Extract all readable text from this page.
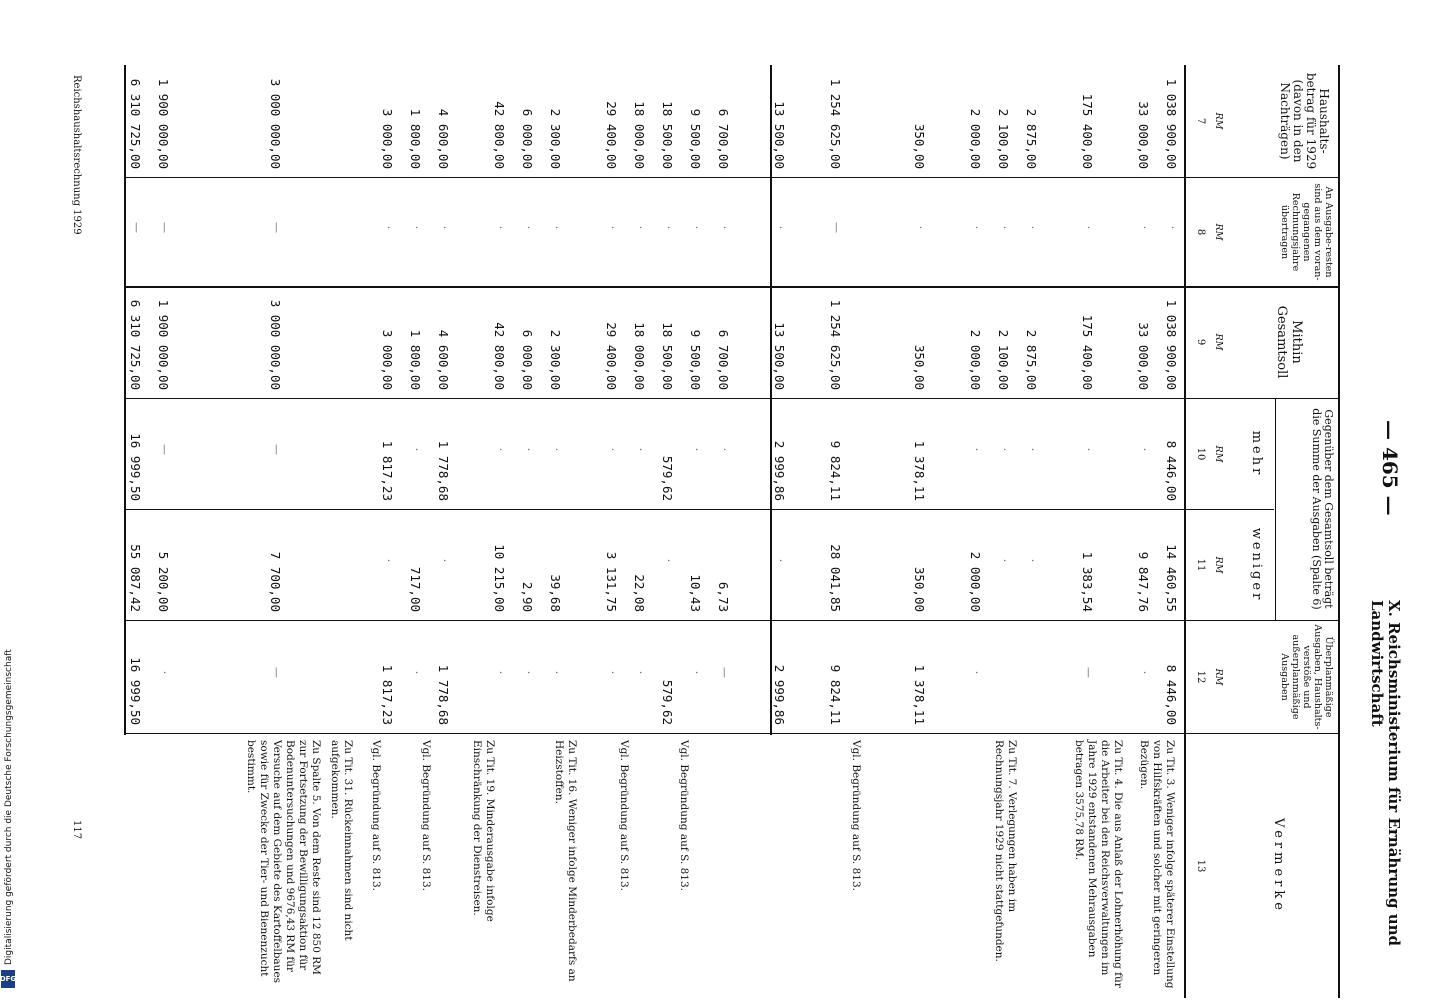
— 465 —
X. Reichsministerium für Ernährung und Landwirtschaft
Haushalts-betrag für 1929 (davon in den Nachträgen)
An Ausgabe-resten sind aus dem voran-gegangenen Rechnungsjahre übertragen
Mithin Gesamtsoll
Gegenüber dem Gesamtsoll beträgt die Summe der Ausgaben (Spalte 6)
mehr
weniger
Überplanmäßige Ausgaben, Haushalts-verstöße und außerplanmäßige Ausgaben
Vermerke
RM
RM
RM
RM
RM
RM
7
8
9
10
11
12
13
1 038 900,00
·
1 038 900,00
8 446,00
14 460,55
8 446,00
33 000,00
·
33 000,00
·
9 847,76
·
175 400,00
·
175 400,00
·
1 383,54
—
2 875,00
·
2 875,00
·
·
2 100,00
·
2 100,00
·
·
2 000,00
·
2 000,00
·
2 000,00
·
350,00
·
350,00
1 378,11
350,00
1 378,11
1 254 625,00
—
1 254 625,00
9 824,11
28 041,85
9 824,11
13 500,00
·
13 500,00
2 999,86
·
2 999,86
6 700,00
·
6 700,00
·
6,73
—
9 500,00
·
9 500,00
·
10,43
·
18 500,00
·
18 500,00
579,62
·
579,62
18 000,00
·
18 000,00
·
22,08
·
29 400,00
·
29 400,00
·
3 131,75
·
2 300,00
·
2 300,00
·
39,68
·
6 000,00
·
6 000,00
·
2,90
·
42 800,00
·
42 800,00
·
10 215,00
·
4 600,00
·
4 600,00
1 778,68
·
1 778,68
1 800,00
·
1 800,00
·
717,00
·
3 000,00
·
3 000,00
1 817,23
·
1 817,23
3 000 000,00
—
3 000 000,00
—
7 700,00
—
1 900 000,00
—
1 900 000,00
—
5 200,00
·
6 310 725,00
—
6 310 725,00
16 999,50
55 087,42
16 999,50
Zu Tit. 3. Weniger infolge späterer Einstellung von Hilfskräften und solcher mit geringeren Bezügen.
Zu Tit. 4. Die aus Anlaß der Lohnerhöhung für die Arbeiter bei den Reichsverwaltungen im Jahre 1929 entstandenen Mehrausgaben betragen 3575,78 RM.
Zu Tit. 7. Verlegungen haben im Rechnungsjahr 1929 nicht stattgefunden.
Vgl. Begründung auf S. 813.
Vgl. Begründung auf S. 813.
Vgl. Begründung auf S. 813.
Zu Tit. 16. Weniger infolge Minderbedarfs an Heizstoffen.
Zu Tit. 19. Minderausgabe infolge Einschränkung der Dienstreisen.
Vgl. Begründung auf S. 813.
Vgl. Begründung auf S. 813.
Zu Tit. 31. Rückeinnahmen sind nicht aufgekommen.
Zu Spalte 5. Von dem Reste sind 12 850 RM zur Fortsetzung der Bewilligungsaktion für Bodenuntersuchungen und 9676,43 RM für Versuche auf dem Gebiete des Kartoffelbaues sowie für Zwecke der Tier- und Bienenzucht bestimmt.
Reichshaushaltsrechnung 1929
117
Digitalisierung gefördert durch die Deutsche Forschungsgemeinschaft
DFG
